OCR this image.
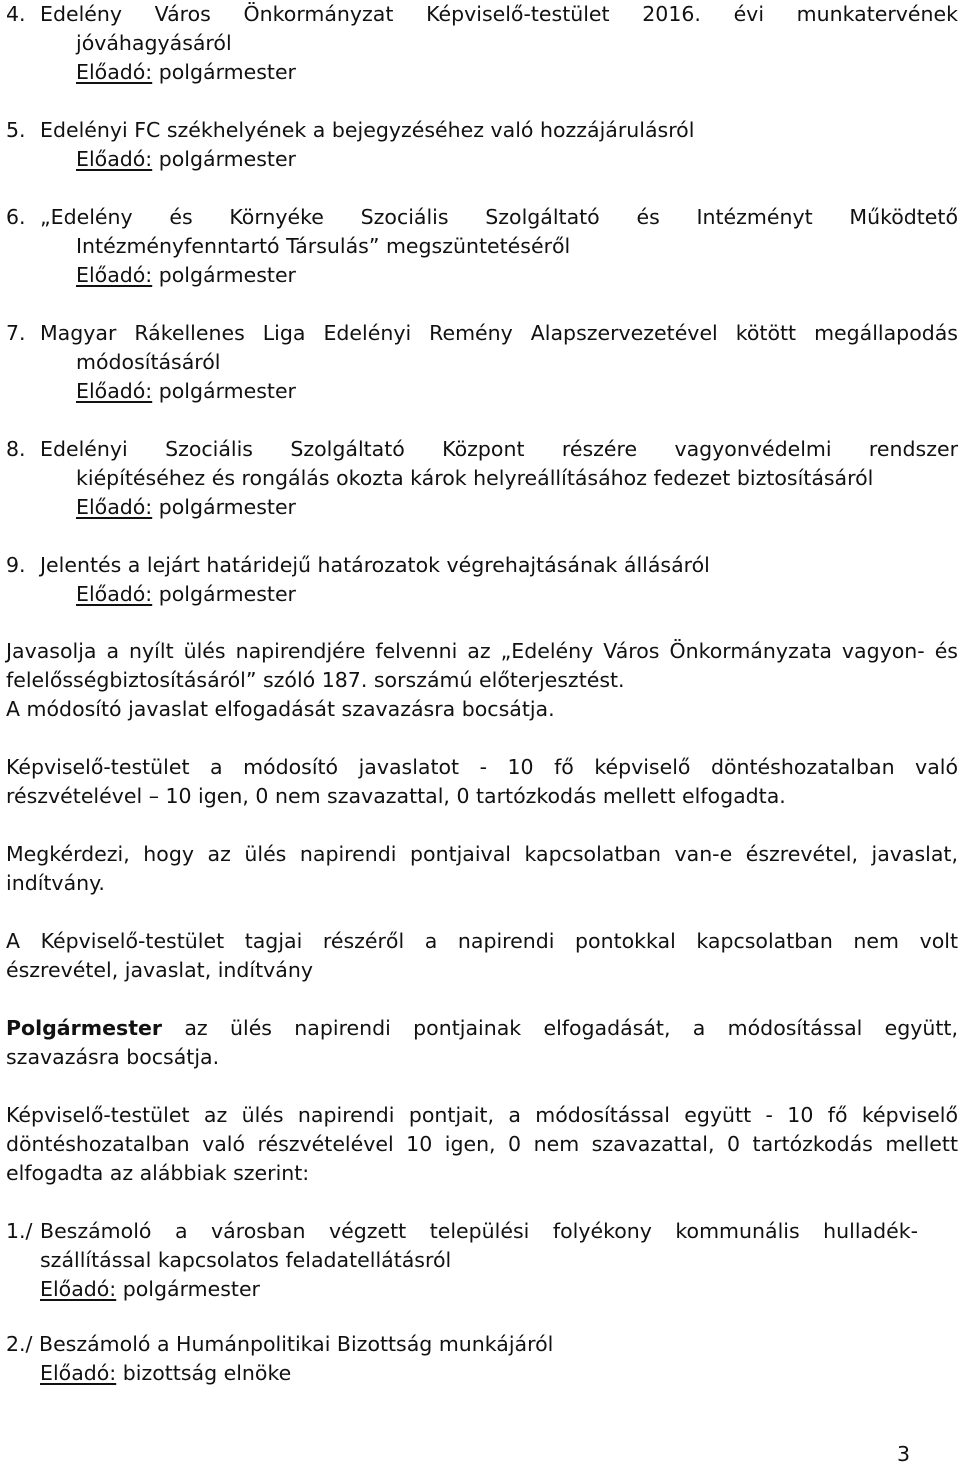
4. Edelény Város Önkormányzat Képviselő-testület 2016. évi munkatervének
jóváhagyásáról
Előadó: polgármester
5. Edelényi FC székhelyének a bejegyzéséhez való hozzájárulásról
Előadó: polgármester
6. „Edelény és Környéke Szociális Szolgáltató és Intézményt Működtető
Intézményfenntartó Társulás” megszüntetéséről
Előadó: polgármester
7. Magyar Rákellenes Liga Edelényi Remény Alapszervezetével kötött megállapodás
módosításáról
Előadó: polgármester
8. Edelényi Szociális Szolgáltató Központ részére vagyonvédelmi rendszer
kiépítéséhez és rongálás okozta károk helyreállításához fedezet biztosításáról
Előadó: polgármester
9. Jelentés a lejárt határidejű határozatok végrehajtásának állásáról
Előadó: polgármester
Javasolja a nyílt ülés napirendjére felvenni az „Edelény Város Önkormányzata vagyon- és
felelősségbiztosításáról” szóló 187. sorszámú előterjesztést.
A módosító javaslat elfogadását szavazásra bocsátja.
Képviselő-testület a módosító javaslatot - 10 fő képviselő döntéshozatalban való
részvételével – 10 igen, 0 nem szavazattal, 0 tartózkodás mellett elfogadta.
Megkérdezi, hogy az ülés napirendi pontjaival kapcsolatban van-e észrevétel, javaslat,
indítvány.
A Képviselő-testület tagjai részéről a napirendi pontokkal kapcsolatban nem volt
észrevétel, javaslat, indítvány
Polgármester az ülés napirendi pontjainak elfogadását, a módosítással együtt,
szavazásra bocsátja.
Képviselő-testület az ülés napirendi pontjait, a módosítással együtt - 10 fő képviselő
döntéshozatalban való részvételével 10 igen, 0 nem szavazattal, 0 tartózkodás mellett
elfogadta az alábbiak szerint:
1./ Beszámoló a városban végzett települési folyékony kommunális hulladék-
szállítással kapcsolatos feladatellátásról
Előadó: polgármester
2./ Beszámoló a Humánpolitikai Bizottság munkájáról
Előadó: bizottság elnöke
3
